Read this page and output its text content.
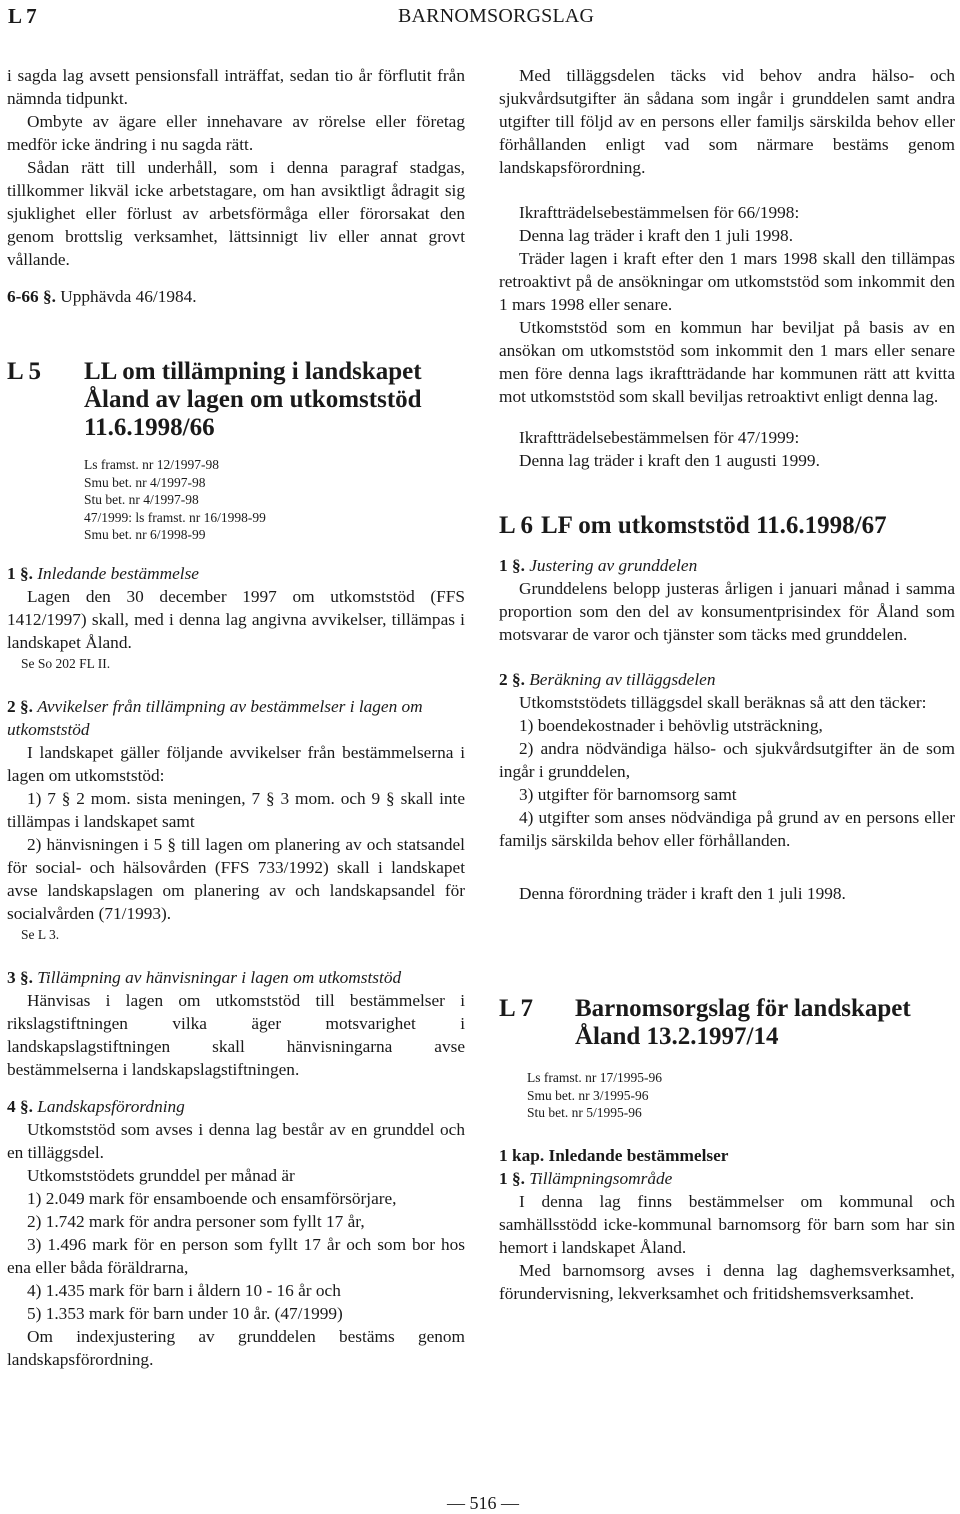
L 7	BARNOMSORGSLAG

i sagda lag avsett pensionsfall inträffat, sedan tio år förflutit från nämnda tidpunkt.

Ombyte av ägare eller innehavare av rörelse eller företag medför icke ändring i nu sagda rätt.

Sådan rätt till underhåll, som i denna paragraf stadgas, tillkommer likväl icke arbetstagare, om han avsiktligt ådragit sig sjuklighet eller förlust av arbetsförmåga eller förorsakat den genom brottslig verksamhet, lättsinnigt liv eller annat grovt vållande.

6-66 §. Upphävda 46/1984.

L 5	LL om tillämpning i landskapet Åland av lagen om utkomststöd 11.6.1998/66
Ls framst. nr 12/1997-98
Smu bet. nr 4/1997-98
Stu bet. nr 4/1997-98
47/1999: ls framst. nr 16/1998-99
Smu bet. nr 6/1998-99

1 §. Inledande bestämmelse

Lagen den 30 december 1997 om utkomststöd (FFS 1412/1997) skall, med i denna lag angivna avvikelser, tillämpas i landskapet Åland.

Se So 202 FL II.

2 §. Avvikelser från tillämpning av bestämmelser i lagen om utkomststöd

I landskapet gäller följande avvikelser från bestämmelserna i lagen om utkomststöd:

1) 7 § 2 mom. sista meningen, 7 § 3 mom. och 9 § skall inte tillämpas i landskapet samt

2) hänvisningen i 5 § till lagen om planering av och statsandel för social- och hälsovården (FFS 733/1992) skall i landskapet avse landskapslagen om planering av och landskapsandel för socialvården (71/1993).

Se L 3.

3 §. Tillämpning av hänvisningar i lagen om utkomststöd

Hänvisas i lagen om utkomststöd till bestämmelser i rikslagstiftningen vilka äger motsvarighet i landskapslagstiftningen skall hänvisningarna avse bestämmelserna i landskapslagstiftningen.

4 §. Landskapsförordning

Utkomststöd som avses i denna lag består av en grunddel och en tilläggsdel.

Utkomststödets grunddel per månad är

1) 2.049 mark för ensamboende och ensamförsörjare,

2) 1.742 mark för andra personer som fyllt 17 år,

3) 1.496 mark för en person som fyllt 17 år och som bor hos ena eller båda föräldrarna,

4) 1.435 mark för barn i åldern 10 - 16 år och

5) 1.353 mark för barn under 10 år. (47/1999)

Om indexjustering av grunddelen bestäms genom landskapsförordning.

Med tilläggsdelen täcks vid behov andra hälso- och sjukvårdsutgifter än sådana som ingår i grunddelen samt andra utgifter till följd av en persons eller familjs särskilda behov eller förhållanden enligt vad som närmare bestäms genom landskapsförordning.

Ikraftträdelsebestämmelsen för 66/1998:

Denna lag träder i kraft den 1 juli 1998.

Träder lagen i kraft efter den 1 mars 1998 skall den tillämpas retroaktivt på de ansökningar om utkomststöd som inkommit den 1 mars 1998 eller senare.

Utkomststöd som en kommun har beviljat på basis av en ansökan om utkomststöd som inkommit den 1 mars eller senare men före denna lags ikraftträdande har kommunen rätt att kvitta mot utkomststöd som skall beviljas retroaktivt enligt denna lag.

Ikraftträdelsebestämmelsen för 47/1999:

Denna lag träder i kraft den 1 augusti 1999.

L 6 LF om utkomststöd 11.6.1998/67

1 §. Justering av grunddelen

Grunddelens belopp justeras årligen i januari månad i samma proportion som den del av konsumentprisindex för Åland som motsvarar de varor och tjänster som täcks med grunddelen.

2 §. Beräkning av tilläggsdelen

Utkomststödets tilläggsdel skall beräknas så att den täcker:

1) boendekostnader i behövlig utsträckning,

2) andra nödvändiga hälso- och sjukvårdsutgifter än de som ingår i grunddelen,

3) utgifter för barnomsorg samt

4) utgifter som anses nödvändiga på grund av en persons eller familjs särskilda behov eller förhållanden.

Denna förordning träder i kraft den 1 juli 1998.

L 7	Barnomsorgslag för landskapet Åland 13.2.1997/14
Ls framst. nr 17/1995-96
Smu bet. nr 3/1995-96
Stu bet. nr 5/1995-96

1 kap. Inledande bestämmelser

1 §. Tillämpningsområde

I denna lag finns bestämmelser om kommunal och samhällsstödd icke-kommunal barnomsorg för barn som har sin hemort i landskapet Åland.

Med barnomsorg avses i denna lag daghemsverksamhet, förundervisning, lekverksamhet och fritidshemsverksamhet.

— 516 —
